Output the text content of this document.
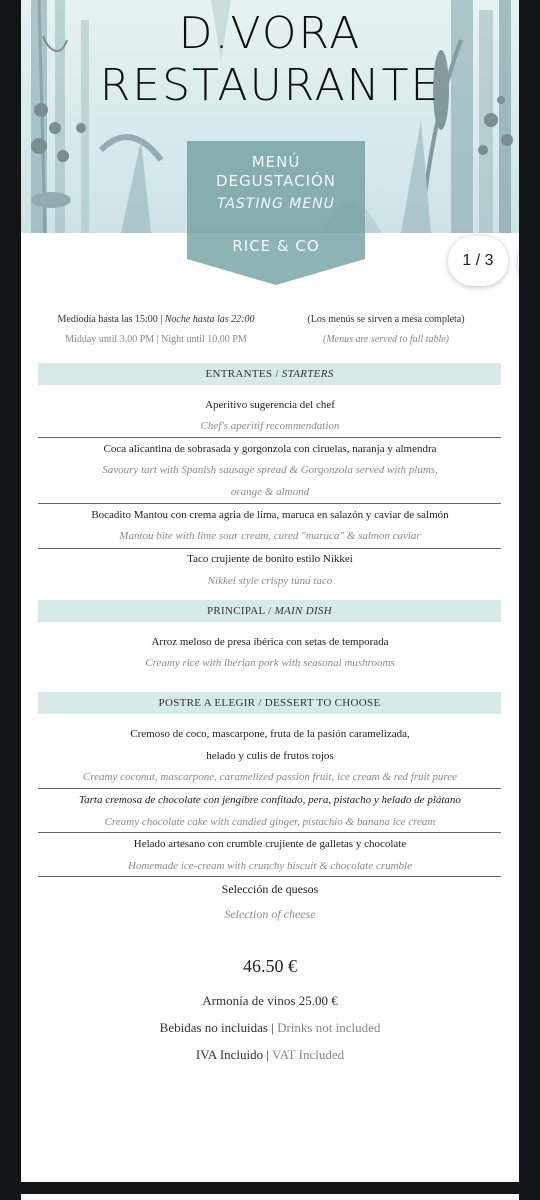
D.VORA
RESTAURANTE
MENÚ
DEGUSTACIÓN
TASTING MENU
RICE & CO
Mediodía hasta las 15:00 | Noche hasta las 22:00
Midday until 3.00 PM | Night until 10.00 PM
(Los menús se sirven a mesa completa)
(Menus are served to full table)
ENTRANTES / STARTERS
Aperitivo sugerencia del chef
Chef's aperitif recommendation
Coca alicantina de sobrasada y gorgonzola con ciruelas, naranja y almendra
Savoury tart with Spanish sausage spread & Gorgonzola served with plums,
orange & almond
Bocadito Mantou con crema agria de lima, maruca en salazón y caviar de salmón
Mantou bite with lime sour cream, cured "maruca" & salmon caviar
Taco crujiente de bonito estilo Nikkei
Nikkei style crispy tuna taco
PRINCIPAL / MAIN DISH
Arroz meloso de presa ibérica con setas de temporada
Creamy rice with iberian pork with seasonal mushrooms
POSTRE A ELEGIR / DESSERT TO CHOOSE
Cremoso de coco, mascarpone, fruta de la pasión caramelizada,
helado y culis de frutos rojos
Creamy coconut, mascarpone, caramelized passion fruit, ice cream & red fruit puree
Tarta cremosa de chocolate con jengibre confitado, pera, pistacho y helado de plátano
Creamy chocolate cake with candied ginger, pistachio & banana ice cream
Helado artesano con crumble crujiente de galletas y chocolate
Homemade ice-cream with crunchy biscuit & chocolate crumble
Selección de quesos
Selection of cheese
46.50 €
Armonía de vinos 25.00 €
Bebidas no incluidas | Drinks not included
IVA Incluido | VAT Included
1 / 3
